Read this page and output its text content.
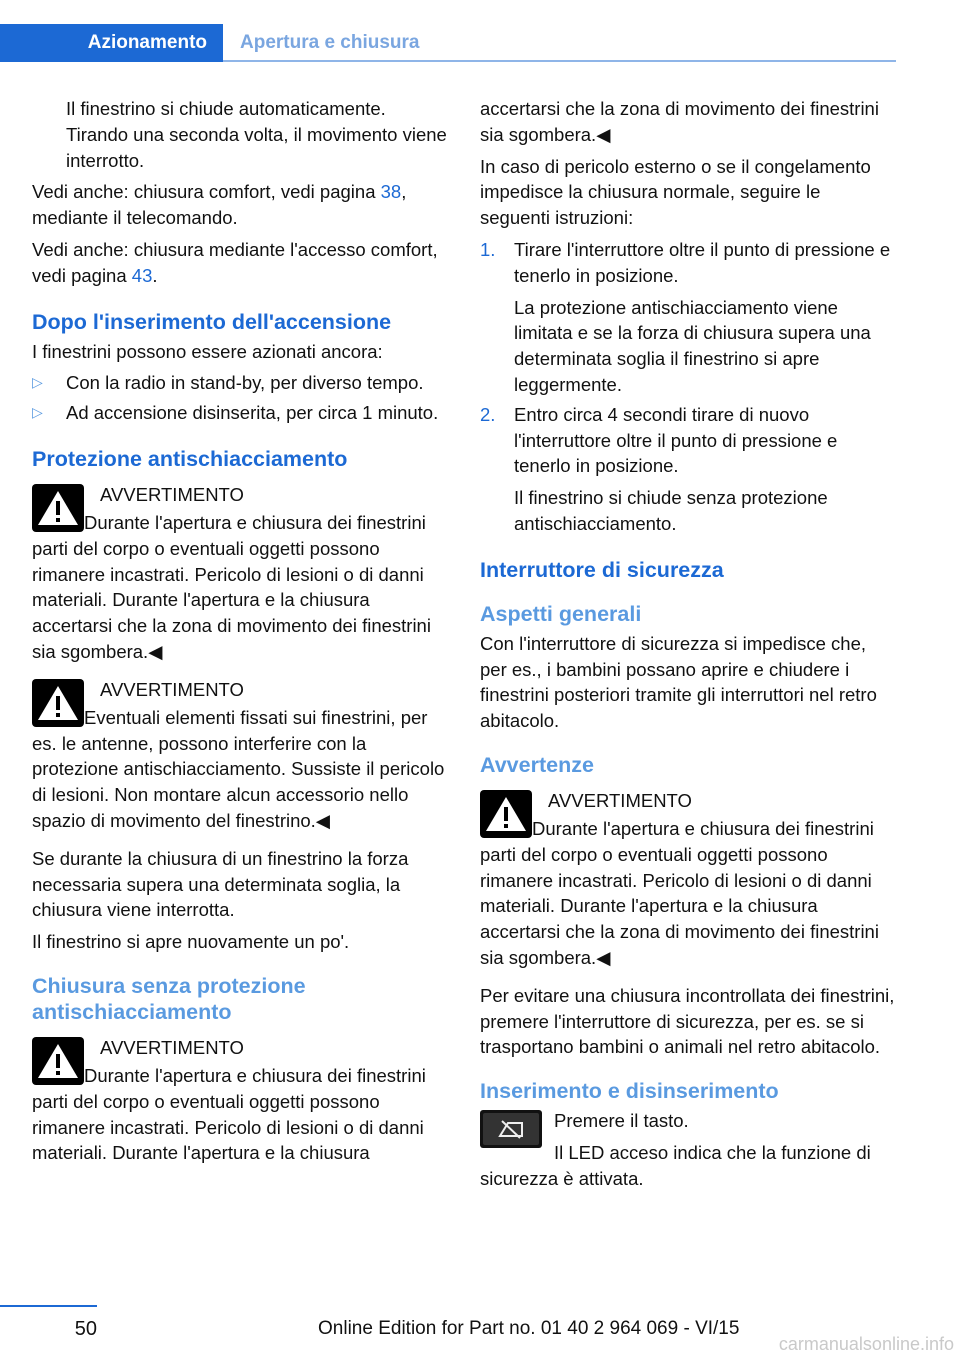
Azionamento	Apertura e chiusura

Il finestrino si chiude automaticamente. Tirando una seconda volta, il movimento viene interrotto.

Vedi anche: chiusura comfort, vedi pagina 38, mediante il telecomando.

Vedi anche: chiusura mediante l'accesso comfort, vedi pagina 43.

Dopo l'inserimento dell'accensione

I finestrini possono essere azionati ancora:

▷	Con la radio in stand-by, per diverso tempo.
▷	Ad accensione disinserita, per circa 1 minuto.
Protezione antischiacciamento
AVVERTIMENTO
Durante l'apertura e chiusura dei finestrini parti del corpo o eventuali oggetti possono rimanere incastrati. Pericolo di lesioni o di danni materiali. Durante l'apertura e la chiusura accertarsi che la zona di movimento dei finestrini sia sgombera.◀
AVVERTIMENTO
Eventuali elementi fissati sui finestrini, per es. le antenne, possono interferire con la protezione antischiacciamento. Sussiste il pericolo di lesioni. Non montare alcun accessorio nello spazio di movimento del finestrino.◀

Se durante la chiusura di un finestrino la forza necessaria supera una determinata soglia, la chiusura viene interrotta.

Il finestrino si apre nuovamente un po'.

Chiusura senza protezione antischiacciamento
AVVERTIMENTO
Durante l'apertura e chiusura dei finestrini parti del corpo o eventuali oggetti possono rimanere incastrati. Pericolo di lesioni o di danni materiali. Durante l'apertura e la chiusura

accertarsi che la zona di movimento dei finestrini sia sgombera.◀

In caso di pericolo esterno o se il congelamento impedisce la chiusura normale, seguire le seguenti istruzioni:

1.	Tirare l'interruttore oltre il punto di pressione e tenerlo in posizione.
La protezione antischiacciamento viene limitata e se la forza di chiusura supera una determinata soglia il finestrino si apre leggermente.
2.	Entro circa 4 secondi tirare di nuovo l'interruttore oltre il punto di pressione e tenerlo in posizione.
Il finestrino si chiude senza protezione antischiacciamento.
Interruttore di sicurezza
Aspetti generali

Con l'interruttore di sicurezza si impedisce che, per es., i bambini possano aprire e chiudere i finestrini posteriori tramite gli interruttori nel retro abitacolo.

Avvertenze
AVVERTIMENTO
Durante l'apertura e chiusura dei finestrini parti del corpo o eventuali oggetti possono rimanere incastrati. Pericolo di lesioni o di danni materiali. Durante l'apertura e la chiusura accertarsi che la zona di movimento dei finestrini sia sgombera.◀

Per evitare una chiusura incontrollata dei finestrini, premere l'interruttore di sicurezza, per es. se si trasportano bambini o animali nel retro abitacolo.

Inserimento e disinserimento

Premere il tasto.

Il LED acceso indica che la funzione di sicurezza è attivata.

50	Online Edition for Part no. 01 40 2 964 069 - VI/15
carmanualsonline.info
